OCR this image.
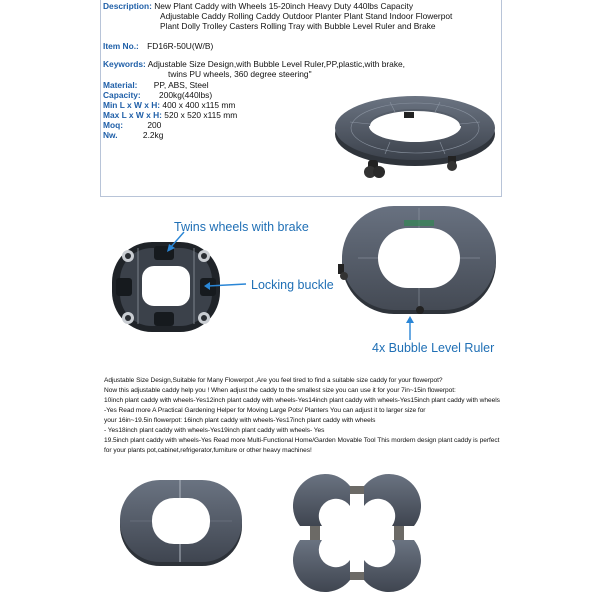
Description: New Plant Caddy with Wheels 15-20inch Heavy Duty 440lbs Capacity
Adjustable Caddy Rolling Caddy Outdoor Planter Plant Stand Indoor Flowerpot
Plant Dolly Trolley Casters Rolling Tray with Bubble Level Ruler and Brake
Item No.: FD16R-50U(W/B)
Keywords: Adjustable Size Design,with Bubble Level Ruler,PP,plastic,with brake,
twins PU wheels, 360 degree steering"
Material: PP, ABS, Steel
Capacity: 200kg(440lbs)
Min L x W x H: 400 x 400 x115 mm
Max L x W x H: 520 x 520 x115 mm
Moq:	200
Nw.	2.2kg
Twins wheels with brake
Locking buckle
4x Bubble Level Ruler
Adjustable Size Design,Suitable for Many Flowerpot ,Are you feel tired to find a suitable size caddy for your flowerpot?
Now this adjustable caddy help you ! When adjust the caddy to the smallest size you can use it for your 7in~15in flowerpot:
10inch plant caddy with wheels-Yes12inch plant caddy with wheels-Yes14inch plant caddy with wheels-Yes15inch plant caddy with wheels
-Yes Read more A Practical Gardening Helper for Moving Large Pots/ Planters You can adjust it to larger size for
your 16in~19.5in flowerpot: 16inch plant caddy with wheels-Yes17inch plant caddy with wheels
- Yes18inch plant caddy with wheels-Yes19inch plant caddy with wheels- Yes
19.5inch plant caddy with wheels-Yes Read more Multi-Functional Home/Garden Movable Tool This mordern design plant caddy is perfect
for your plants pot,cabinet,refrigerator,furniture or other heavy machines!
